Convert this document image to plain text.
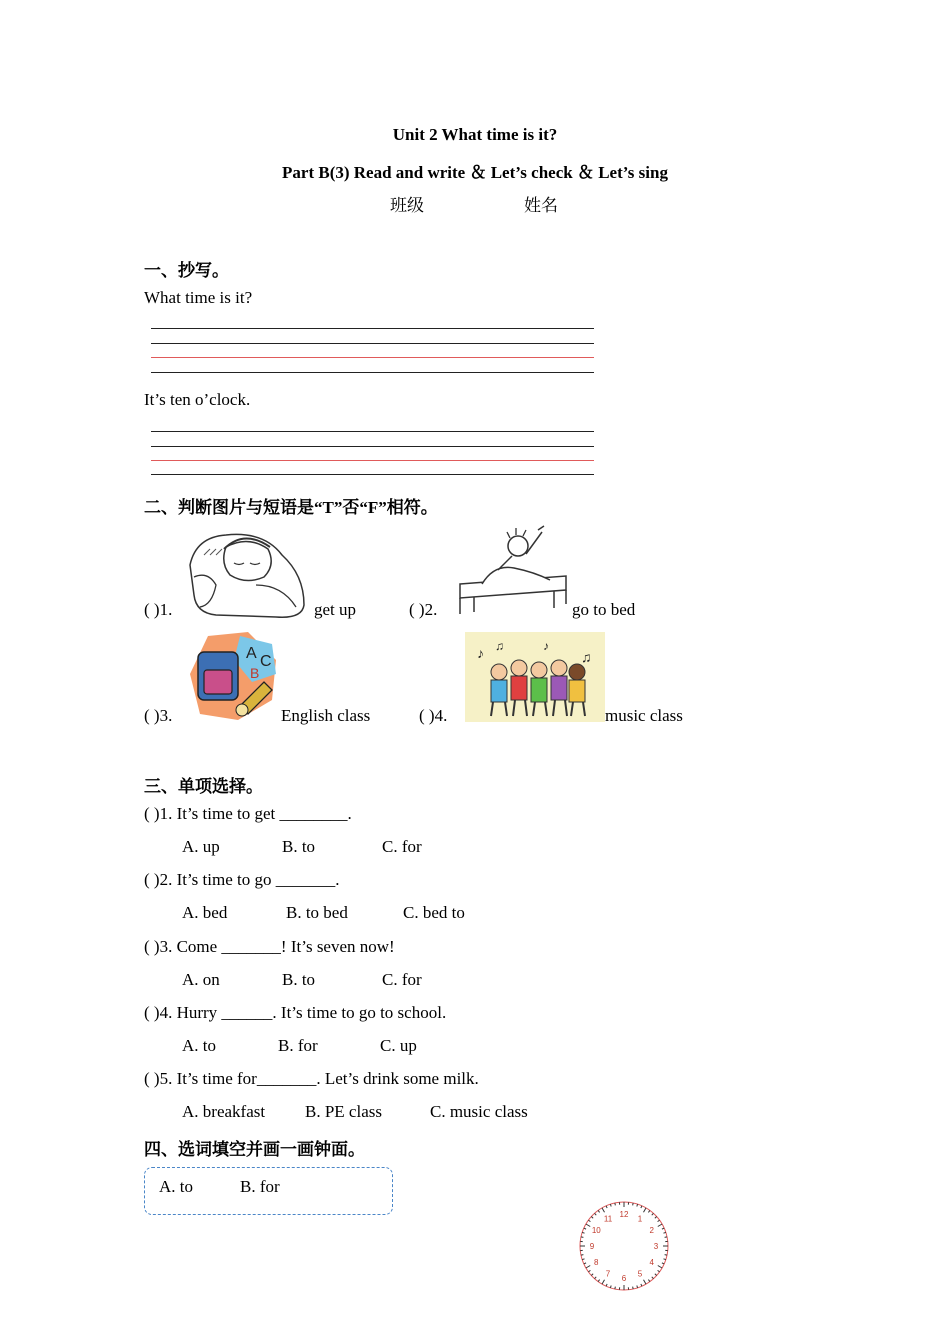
Unit 2 What time is it?
Part B(3) Read and write ＆ Let’s check ＆ Let’s sing
班级	姓名
一、抄写。
What time is it?
It’s ten o’clock.
二、判断图片与短语是“T”否“F”相符。
( )1.	get up	( )2.	go to bed
( )3.
A C
B
English class	( )4.
♪
♫	♪
♫
music class
三、单项选择。
( )1. It’s time to get ________.
A. up	B. to	C. for
( )2. It’s time to go _______.
A. bed	B. to bed	C. bed to
( )3. Come _______! It’s seven now!
A. on	B. to	C. for
( )4. Hurry ______. It’s time to go to school.
A. to	B. for	C. up
( )5. It’s time for_______. Let’s drink some milk.
A. breakfast B. PE class	C. music class
四、选词填空并画一画钟面。
A. to	B. for
12 1
2
3
4
5
6
7
8
9
10
11
